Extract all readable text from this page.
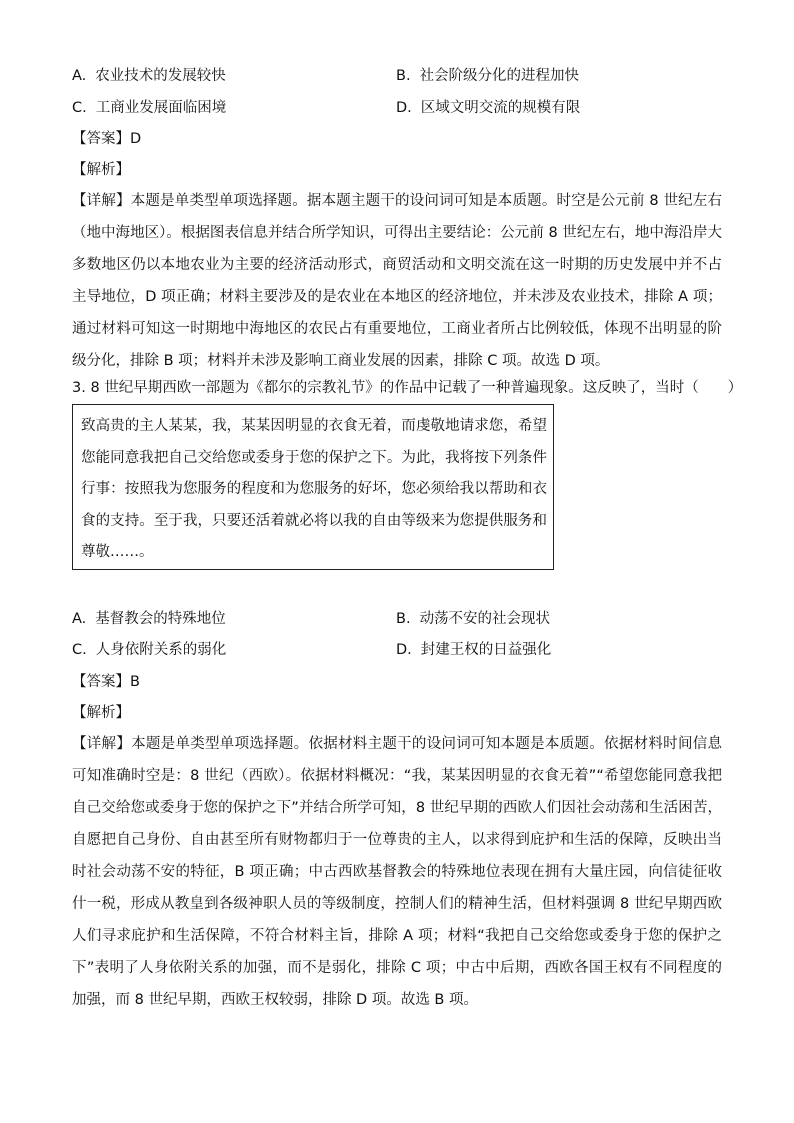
A. 农业技术的发展较快	B. 社会阶级分化的进程加快
C. 工商业发展面临困境	D. 区域文明交流的规模有限
【答案】D
【解析】
【详解】本题是单类型单项选择题。据本题主题干的设问词可知是本质题。时空是公元前 8 世纪左右（地中海地区）。根据图表信息并结合所学知识，可得出主要结论：公元前 8 世纪左右，地中海沿岸大多数地区仍以本地农业为主要的经济活动形式，商贸活动和文明交流在这一时期的历史发展中并不占主导地位，D 项正确；材料主要涉及的是农业在本地区的经济地位，并未涉及农业技术，排除 A 项；通过材料可知这一时期地中海地区的农民占有重要地位，工商业者所占比例较低，体现不出明显的阶级分化，排除 B 项；材料并未涉及影响工商业发展的因素，排除 C 项。故选 D 项。
3. 8 世纪早期西欧一部题为《都尔的宗教礼节》的作品中记载了一种普遍现象。这反映了，当时（　　）
致高贵的主人某某，我，某某因明显的衣食无着，而虔敬地请求您，希望您能同意我把自己交给您或委身于您的保护之下。为此，我将按下列条件行事：按照我为您服务的程度和为您服务的好坏，您必须给我以帮助和衣食的支持。至于我，只要还活着就必将以我的自由等级来为您提供服务和尊敬……。
A. 基督教会的特殊地位	B. 动荡不安的社会现状
C. 人身依附关系的弱化	D. 封建王权的日益强化
【答案】B
【解析】
【详解】本题是单类型单项选择题。依据材料主题干的设问词可知本题是本质题。依据材料时间信息可知准确时空是：8 世纪（西欧）。依据材料概况：“我，某某因明显的衣食无着”“希望您能同意我把自己交给您或委身于您的保护之下”并结合所学可知，8 世纪早期的西欧人们因社会动荡和生活困苦，自愿把自己身份、自由甚至所有财物都归于一位尊贵的主人，以求得到庇护和生活的保障，反映出当时社会动荡不安的特征，B 项正确；中古西欧基督教会的特殊地位表现在拥有大量庄园，向信徒征收什一税，形成从教皇到各级神职人员的等级制度，控制人们的精神生活，但材料强调 8 世纪早期西欧人们寻求庇护和生活保障，不符合材料主旨，排除 A 项；材料“我把自己交给您或委身于您的保护之下”表明了人身依附关系的加强，而不是弱化，排除 C 项；中古中后期，西欧各国王权有不同程度的加强，而 8 世纪早期，西欧王权较弱，排除 D 项。故选 B 项。
